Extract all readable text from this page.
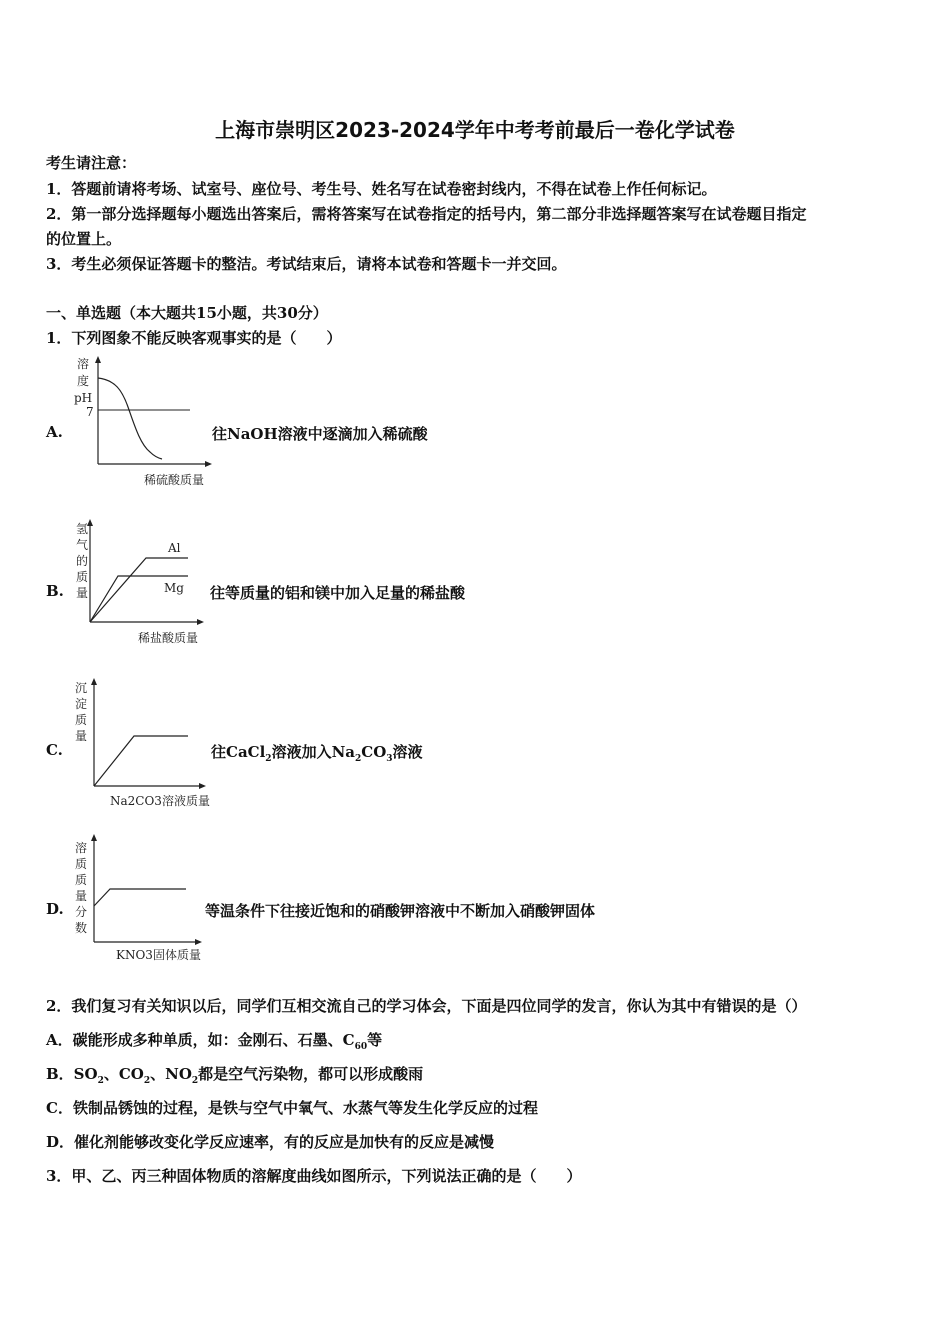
上海市崇明区2023-2024学年中考考前最后一卷化学试卷
考生请注意：
1．答题前请将考场、试室号、座位号、考生号、姓名写在试卷密封线内，不得在试卷上作任何标记。
2．第一部分选择题每小题选出答案后，需将答案写在试卷指定的括号内，第二部分非选择题答案写在试卷题目指定
的位置上。
3．考生必须保证答题卡的整洁。考试结束后，请将本试卷和答题卡一并交回。
一、单选题（本大题共15小题，共30分）
1．下列图象不能反映客观事实的是（　　）
A.
溶
度
pH
7
稀硫酸质量
往NaOH溶液中逐滴加入稀硫酸
B.
氢
气
的
质
量
Al
Mg
稀盐酸质量
往等质量的铝和镁中加入足量的稀盐酸
C.
沉
淀
质
量
Na2CO3溶液质量
往CaCl$_2$溶液加入$Na_2CO_3$溶液
D.
溶
质
质
量
分
数
KNO3固体质量
等温条件下往接近饱和的硝酸钾溶液中不断加入硝酸钾固体
2．我们复习有关知识以后，同学们互相交流自己的学习体会，下面是四位同学的发言，你认为其中有错误的是（）
A．碳能形成多种单质，如：金刚石、石墨、$C_{60}$等
B．$SO_2$、$CO_2$、$NO_2$都是空气污染物，都可以形成酸雨
C．铁制品锈蚀的过程，是铁与空气中氧气、水蒸气等发生化学反应的过程
D．催化剂能够改变化学反应速率，有的反应是加快有的反应是减慢
3．甲、乙、丙三种固体物质的溶解度曲线如图所示，下列说法正确的是（　　）
